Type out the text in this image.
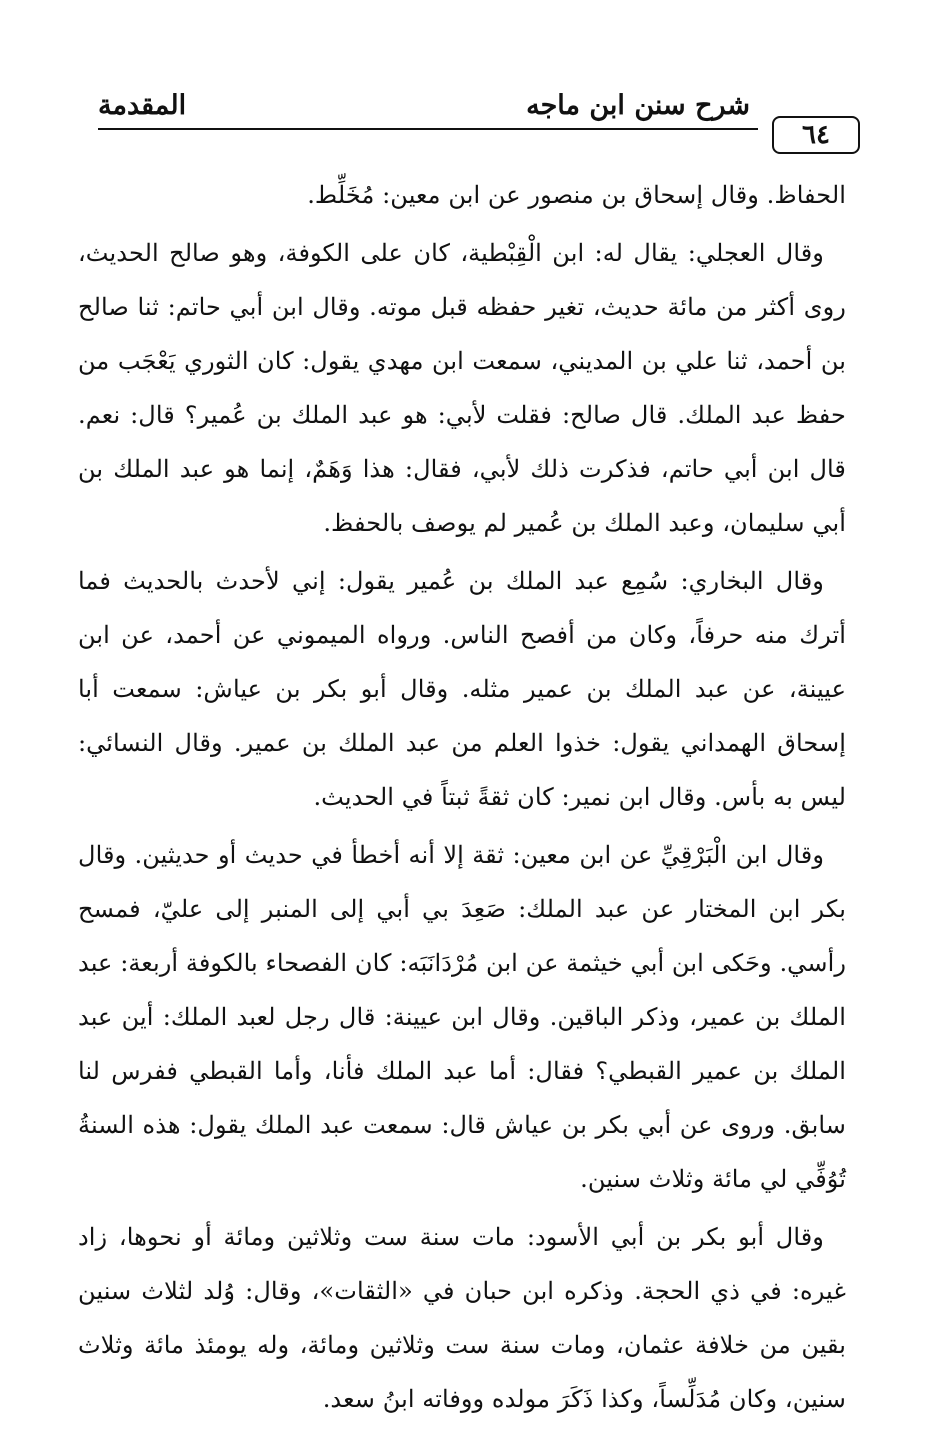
المقدمة	شرح سنن ابن ماجه
٦٤

الحفاظ. وقال إسحاق بن منصور عن ابن معين: مُخَلِّط.

وقال العجلي: يقال له: ابن الْقِبْطية، كان على الكوفة، وهو صالح الحديث، روى أكثر من مائة حديث، تغير حفظه قبل موته. وقال ابن أبي حاتم: ثنا صالح بن أحمد، ثنا علي بن المديني، سمعت ابن مهدي يقول: كان الثوري يَعْجَب من حفظ عبد الملك. قال صالح: فقلت لأبي: هو عبد الملك بن عُمير؟ قال: نعم. قال ابن أبي حاتم، فذكرت ذلك لأبي، فقال: هذا وَهَمٌ، إنما هو عبد الملك بن أبي سليمان، وعبد الملك بن عُمير لم يوصف بالحفظ.

وقال البخاري: سُمِع عبد الملك بن عُمير يقول: إني لأحدث بالحديث فما أترك منه حرفاً، وكان من أفصح الناس. ورواه الميموني عن أحمد، عن ابن عيينة، عن عبد الملك بن عمير مثله. وقال أبو بكر بن عياش: سمعت أبا إسحاق الهمداني يقول: خذوا العلم من عبد الملك بن عمير. وقال النسائي: ليس به بأس. وقال ابن نمير: كان ثقةً ثبتاً في الحديث.

وقال ابن الْبَرْقِيِّ عن ابن معين: ثقة إلا أنه أخطأ في حديث أو حديثين. وقال بكر ابن المختار عن عبد الملك: صَعِدَ بي أبي إلى المنبر إلى عليّ، فمسح رأسي. وحَكى ابن أبي خيثمة عن ابن مُرْدَانَبَه: كان الفصحاء بالكوفة أربعة: عبد الملك بن عمير، وذكر الباقين. وقال ابن عيينة: قال رجل لعبد الملك: أين عبد الملك بن عمير القبطي؟ فقال: أما عبد الملك فأنا، وأما القبطي ففرس لنا سابق. وروى عن أبي بكر بن عياش قال: سمعت عبد الملك يقول: هذه السنةُ تُوُفِّي لي مائة وثلاث سنين.

وقال أبو بكر بن أبي الأسود: مات سنة ست وثلاثين ومائة أو نحوها، زاد غيره: في ذي الحجة. وذكره ابن حبان في «الثقات»، وقال: وُلد لثلاث سنين بقين من خلافة عثمان، ومات سنة ست وثلاثين ومائة، وله يومئذ مائة وثلاث سنين، وكان مُدَلِّساً، وكذا ذَكَرَ مولده ووفاته ابنُ سعد.
